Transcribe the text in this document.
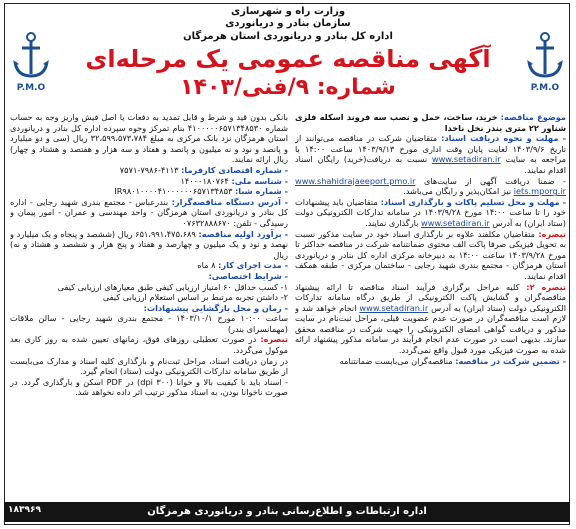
وزارت راه و شهرسازی
سازمان بنادر و دریانوردی
اداره کل بنادر و دریانوردی استان هرمزگان
آگهی مناقصه عمومی یک مرحله‌ای
شماره: ۹/فنی/۱۴۰۳
P.M.O	P.M.O

موضوع مناقصه: خرید، ساخت، حمل و نصب سه فروند اسکله فلزی شناور ۲۲ متری بندر نخل ناخدا

- مهلت و نحوه دریافت اسناد: متقاضیان شرکت در مناقصه می‌توانند از تاریخ ۱۴۰۳/۹/۶ لغایت پایان وقت اداری مورخ ۱۴۰۳/۹/۱۳ ساعت ۱۴:۰۰ با مراجعه به سایت www.setadiran.ir نسبت به دریافت(خرید) رایگان اسناد اقدام نمایند.

- ضمنا دریافت آگهی از سایت‌های www.shahidrajaeeport.pmo.ir iets.mporg.ir نیز امکان‌پذیر و رایگان می‌باشد.

- مهلت و محل تسلیم پاکات و بارگذاری اسناد: متقاضیان باید پیشنهادات خود را تا ساعت ۱۴:۰۰ مورخ ۱۴۰۳/۹/۲۸ در سامانه تدارکات الکترونیکی دولت (ستاد ایران) به آدرس www.setadiran.ir بارگذاری نمایند.

تبصره: متقاضیان مکلفند علاوه بر بارگذاری اسناد خود در سایت مذکور نسبت به تحویل فیزیکی صرفا پاکت الف محتوی ضمانتنامه شرکت در مناقصه حداکثر تا مورخ ۱۴۰۳/۹/۲۸ ساعت ۱۴:۰۰ به دبیرخانه مرکزی اداره کل بنادر و دریانوردی استان هرمزگان - مجتمع بندری شهید رجایی - ساختمان مرکزی - طبقه همکف اقدام نمایند.

تبصره ۲: کلیه مراحل برگزاری فرآیند اسناد مناقصه تا ارائه پیشنهاد مناقصه‌گران و گشایش پاکت الکترونیکی از طریق درگاه سامانه تدارکات الکترونیکی دولت (ستاد ایران) به آدرس www.setadiran.ir انجام خواهد شد و لازم است مناقصه‌گران در صورت عدم عضویت قبلی، مراحل ثبت‌نام در سایت مذکور و دریافت گواهی امضای الکترونیکی را جهت شرکت در مناقصه محقق سازند. بدیهی است در صورت عدم انجام فرآیند در سامانه مذکور پیشنهاد ارائه شده به صورت فیزیکی مورد قبول واقع نمی‌گردد.

- تضمین شرکت در مناقصه: مناقصه‌گران می‌بایست ضمانتنامه

بانکی بدون قید و شرط و قابل تمدید به دفعات یا اصل فیش واریز وجه به حساب شماره ۴۱۰۰۰۰۰۶۵۷۱۳۴۸۵۳۰ بنام تمرکز وجوه سپرده اداره کل بنادر و دریانوردی استان هرمزگان نزد بانک مرکزی به مبلغ ۳۲،۵۹۹،۵۷۳،۷۸۴ ریال (سی و دو میلیارد و پانصد و نود و نه میلیون و پانصد و هفتاد و سه هزار و هفتصد و هشتاد و چهار) ریال ارائه نمایند.

- شماره اقتصادی کارفرما: ۴۱۱۳-۷۹۸۶-۷۵۷۱

- شناسه ملی: ۱۴۰۰۰۱۸۰۷۶۴

- شماره شبا: IR۹۸۰۱۰۰۰۰۴۱۰۰۰۰۰۰۶۵۷۱۳۴۸۵۳

- آدرس دستگاه مناقصه‌گزار: بندرعباس - مجتمع بندری شهید رجایی - اداره کل بنادر و دریانوردی استان هرمزگان - واحد مهندسی و عمران - امور پیمان و رسیدگی - تلفن: ۰۷۶۳۲۸۸۸۶۷۰

- برآورد اولیه مناقصه: ۶۵۱،۹۹۱،۴۷۵،۶۸۹ ریال (ششصد و پنجاه و یک میلیارد و نهصد و نود و یک میلیون و چهارصد و هفتاد و پنج هزار و ششصد و هشتاد و نه) ریال

- مدت اجرای کار: ۸ ماه

- شرایط اختصاصی:

۱- کسب حداقل ۶۰ امتیاز ارزیابی کیفی طبق معیارهای ارزیابی کیفی

۲- داشتن تجربه مرتبط بر اساس استعلام ارزیابی کیفی

- زمان و محل بازگشایی پیشنهادات:

ساعت ۱۰:۰۰ مورخ ۱۴۰۳/۱۰/۱ - مجتمع بندری شهید رجایی - سالن ملاقات (مهمانسرای بندر)

تبصره: در صورت تعطیلی روزهای فوق، زمانهای تعیین شده به روز کاری بعد موکول می‌گردد.

در زمان دریافت اسناد، مراحل ثبت‌نام و بارگذاری کلیه اسناد و مدارک می‌بایست از طریق سامانه تدارکات الکترونیکی دولت (ستاد) انجام گیرد.

- اسناد باید با کیفیت بالا و خوانا (۳۰۰ dpi) در PDF اسکن و بارگذاری گردد. در صورت ناخوانا بودن، به اسناد مذکور ترتیب اثر داده نخواهد شد.

اداره ارتباطات و اطلاع‌رسانی بنادر و دریانوردی هرمزگان
۱۸۳۹۶۹
